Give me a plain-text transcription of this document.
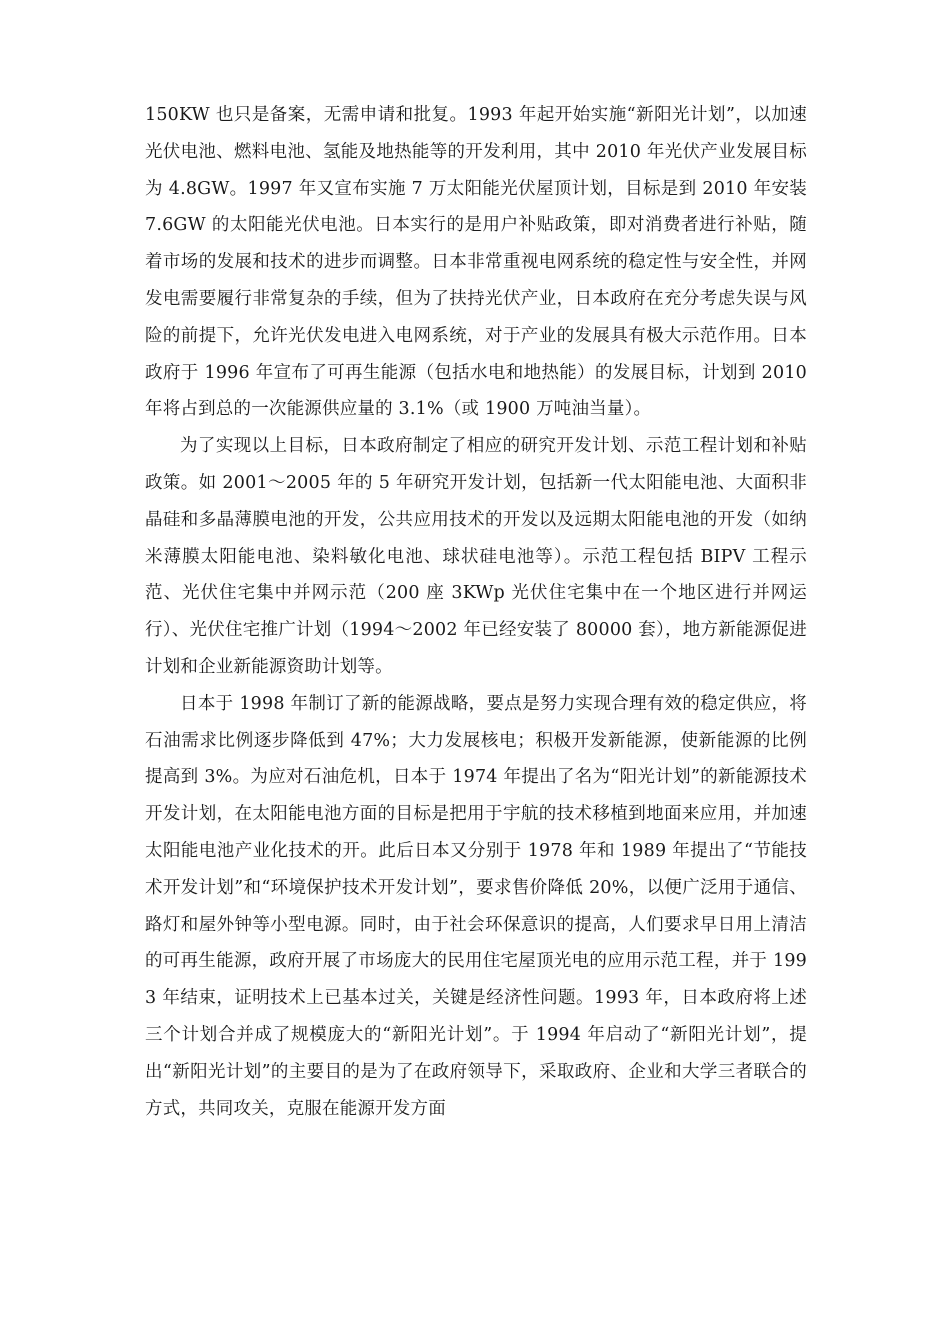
150KW 也只是备案，无需申请和批复。1993 年起开始实施“新阳光计划”，以加速光伏电池、燃料电池、氢能及地热能等的开发利用，其中 2010 年光伏产业发展目标为 4.8GW。1997 年又宣布实施 7 万太阳能光伏屋顶计划，目标是到 2010 年安装 7.6GW 的太阳能光伏电池。日本实行的是用户补贴政策，即对消费者进行补贴，随着市场的发展和技术的进步而调整。日本非常重视电网系统的稳定性与安全性，并网发电需要履行非常复杂的手续，但为了扶持光伏产业，日本政府在充分考虑失误与风险的前提下，允许光伏发电进入电网系统，对于产业的发展具有极大示范作用。日本政府于 1996 年宣布了可再生能源（包括水电和地热能）的发展目标，计划到 2010 年将占到总的一次能源供应量的 3.1%（或 1900 万吨油当量）。

为了实现以上目标，日本政府制定了相应的研究开发计划、示范工程计划和补贴政策。如 2001～2005 年的 5 年研究开发计划，包括新一代太阳能电池、大面积非晶硅和多晶薄膜电池的开发，公共应用技术的开发以及远期太阳能电池的开发（如纳米薄膜太阳能电池、染料敏化电池、球状硅电池等）。示范工程包括 BIPV 工程示范、光伏住宅集中并网示范（200 座 3KWp 光伏住宅集中在一个地区进行并网运行）、光伏住宅推广计划（1994～2002 年已经安装了 80000 套），地方新能源促进计划和企业新能源资助计划等。

日本于 1998 年制订了新的能源战略，要点是努力实现合理有效的稳定供应，将石油需求比例逐步降低到 47%；大力发展核电；积极开发新能源，使新能源的比例提高到 3%。为应对石油危机，日本于 1974 年提出了名为“阳光计划”的新能源技术开发计划，在太阳能电池方面的目标是把用于宇航的技术移植到地面来应用，并加速太阳能电池产业化技术的开。此后日本又分别于 1978 年和 1989 年提出了“节能技术开发计划”和“环境保护技术开发计划”，要求售价降低 20%，以便广泛用于通信、路灯和屋外钟等小型电源。同时，由于社会环保意识的提高，人们要求早日用上清洁的可再生能源，政府开展了市场庞大的民用住宅屋顶光电的应用示范工程，并于 1993 年结束，证明技术上已基本过关，关键是经济性问题。1993 年，日本政府将上述三个计划合并成了规模庞大的“新阳光计划”。于 1994 年启动了“新阳光计划”，提出“新阳光计划”的主要目的是为了在政府领导下，采取政府、企业和大学三者联合的方式，共同攻关，克服在能源开发方面
